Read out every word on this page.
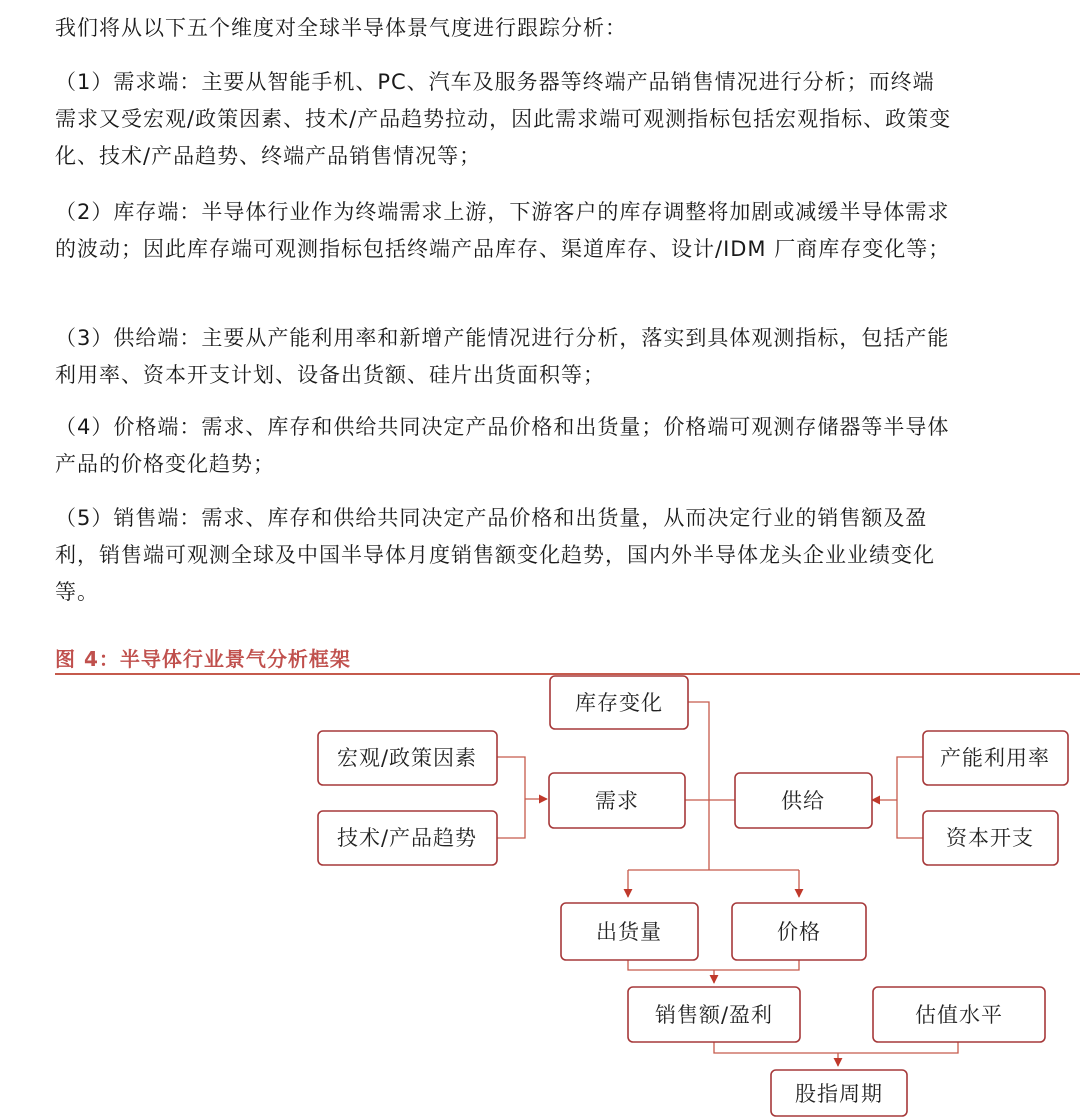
我们将从以下五个维度对全球半导体景气度进行跟踪分析：
（1）需求端：主要从智能手机、PC、汽车及服务器等终端产品销售情况进行分析；而终端需求又受宏观/政策因素、技术/产品趋势拉动，因此需求端可观测指标包括宏观指标、政策变化、技术/产品趋势、终端产品销售情况等；
（2）库存端：半导体行业作为终端需求上游，下游客户的库存调整将加剧或减缓半导体需求的波动；因此库存端可观测指标包括终端产品库存、渠道库存、设计/IDM 厂商库存变化等；
（3）供给端：主要从产能利用率和新增产能情况进行分析，落实到具体观测指标，包括产能利用率、资本开支计划、设备出货额、硅片出货面积等；
（4）价格端：需求、库存和供给共同决定产品价格和出货量；价格端可观测存储器等半导体产品的价格变化趋势；
（5）销售端：需求、库存和供给共同决定产品价格和出货量，从而决定行业的销售额及盈利，销售端可观测全球及中国半导体月度销售额变化趋势，国内外半导体龙头企业业绩变化等。
图 4：半导体行业景气分析框架
库存变化
宏观/政策因素
技术/产品趋势
需求	供给
产能利用率
资本开支
出货量	价格
销售额/盈利	估值水平
股指周期
